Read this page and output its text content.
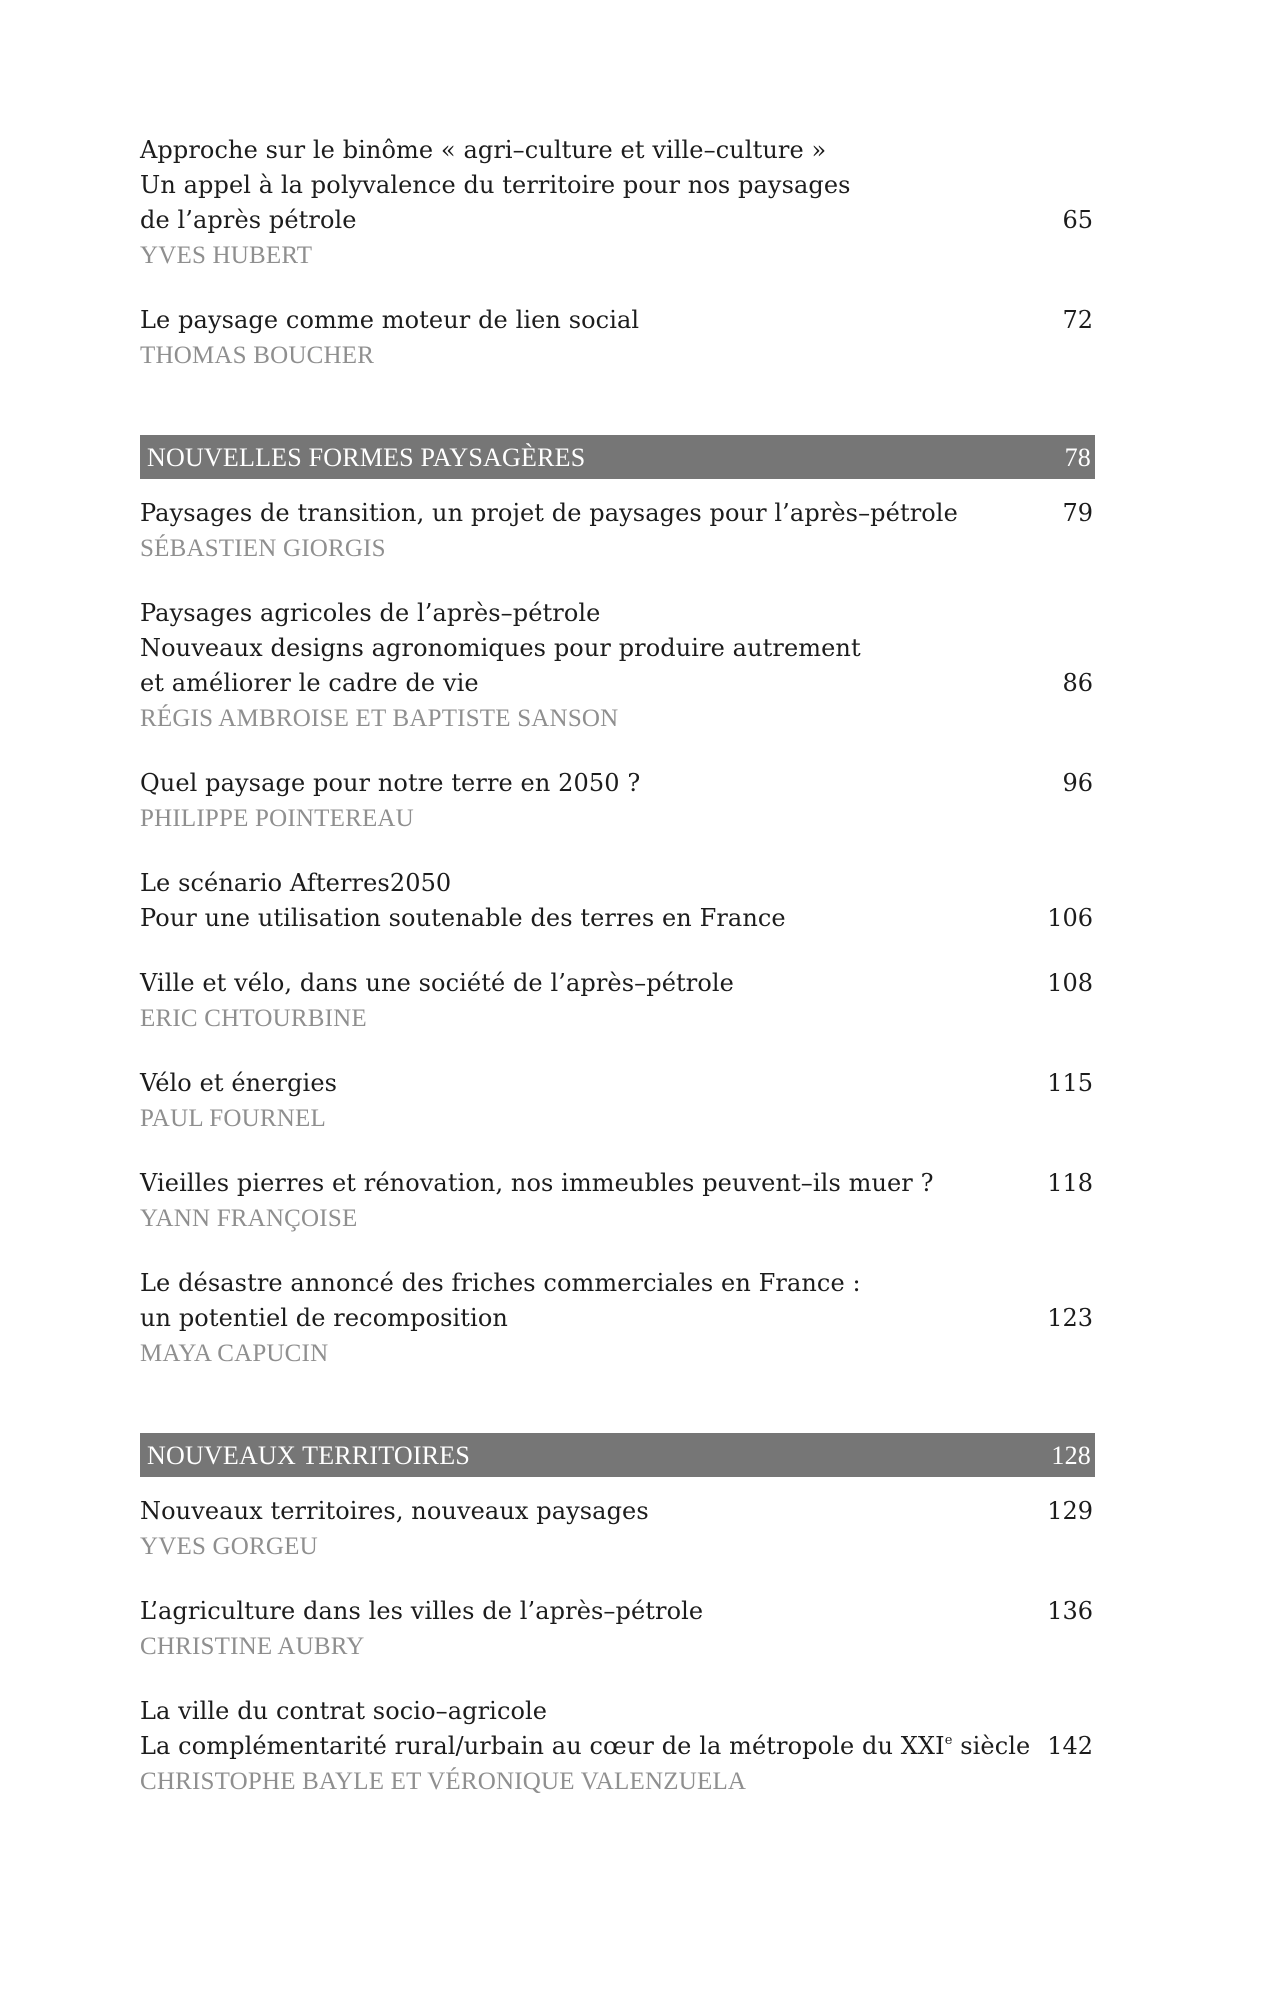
Approche sur le binôme « agri–culture et ville–culture »
Un appel à la polyvalence du territoire pour nos paysages
de l’après pétrole	65
YVES HUBERT
Le paysage comme moteur de lien social	72
THOMAS BOUCHER
NOUVELLES FORMES PAYSAGÈRES	78
Paysages de transition, un projet de paysages pour l’après–pétrole	79
SÉBASTIEN GIORGIS
Paysages agricoles de l’après–pétrole
Nouveaux designs agronomiques pour produire autrement
et améliorer le cadre de vie	86
RÉGIS AMBROISE ET BAPTISTE SANSON
Quel paysage pour notre terre en 2050 ?	96
PHILIPPE POINTEREAU
Le scénario Afterres2050
Pour une utilisation soutenable des terres en France	106
Ville et vélo, dans une société de l’après–pétrole	108
ERIC CHTOURBINE
Vélo et énergies	115
PAUL FOURNEL
Vieilles pierres et rénovation, nos immeubles peuvent–ils muer ?	118
YANN FRANÇOISE
Le désastre annoncé des friches commerciales en France :
un potentiel de recomposition	123
MAYA CAPUCIN
NOUVEAUX TERRITOIRES	128
Nouveaux territoires, nouveaux paysages	129
YVES GORGEU
L’agriculture dans les villes de l’après–pétrole	136
CHRISTINE AUBRY
La ville du contrat socio–agricole
La complémentarité rural/urbain au cœur de la métropole du XXIe siècle 142
CHRISTOPHE BAYLE ET VÉRONIQUE VALENZUELA
